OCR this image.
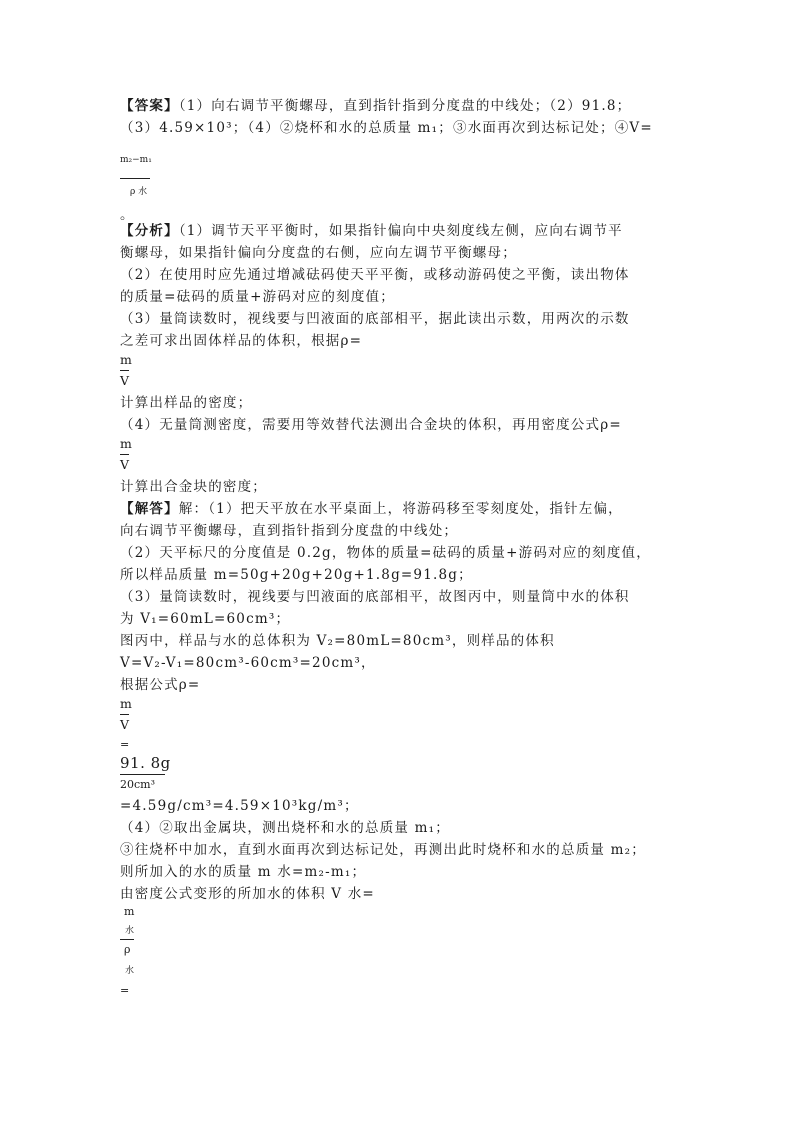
【答案】（1）向右调节平衡螺母，直到指针指到分度盘的中线处；（2）91.8；
（3）4.59×10³；（4）②烧杯和水的总质量 m₁；③水面再次到达标记处；④V=
m₂−m₁
ρ 水
。
【分析】（1）调节天平平衡时，如果指针偏向中央刻度线左侧，应向右调节平
衡螺母，如果指针偏向分度盘的右侧，应向左调节平衡螺母；
（2）在使用时应先通过增减砝码使天平平衡，或移动游码使之平衡，读出物体
的质量=砝码的质量+游码对应的刻度值；
（3）量筒读数时，视线要与凹液面的底部相平，据此读出示数，用两次的示数
之差可求出固体样品的体积，根据ρ=
m
V
计算出样品的密度；
（4）无量筒测密度，需要用等效替代法测出合金块的体积，再用密度公式ρ=
m
V
计算出合金块的密度；
【解答】解：（1）把天平放在水平桌面上，将游码移至零刻度处，指针左偏，
向右调节平衡螺母，直到指针指到分度盘的中线处；
（2）天平标尺的分度值是 0.2g，物体的质量=砝码的质量+游码对应的刻度值，
所以样品质量 m=50g+20g+20g+1.8g=91.8g；
（3）量筒读数时，视线要与凹液面的底部相平，故图丙中，则量筒中水的体积
为 V₁=60mL=60cm³；
图丙中，样品与水的总体积为 V₂=80mL=80cm³，则样品的体积
V=V₂-V₁=80cm³-60cm³=20cm³，
根据公式ρ=
m
V
=
91. 8g
20cm³
=4.59g/cm³=4.59×10³kg/m³；
（4）②取出金属块，测出烧杯和水的总质量 m₁；
③往烧杯中加水，直到水面再次到达标记处，再测出此时烧杯和水的总质量 m₂；
则所加入的水的质量 m 水=m₂-m₁；
由密度公式变形的所加水的体积 V 水=
m
水
ρ
水
=
